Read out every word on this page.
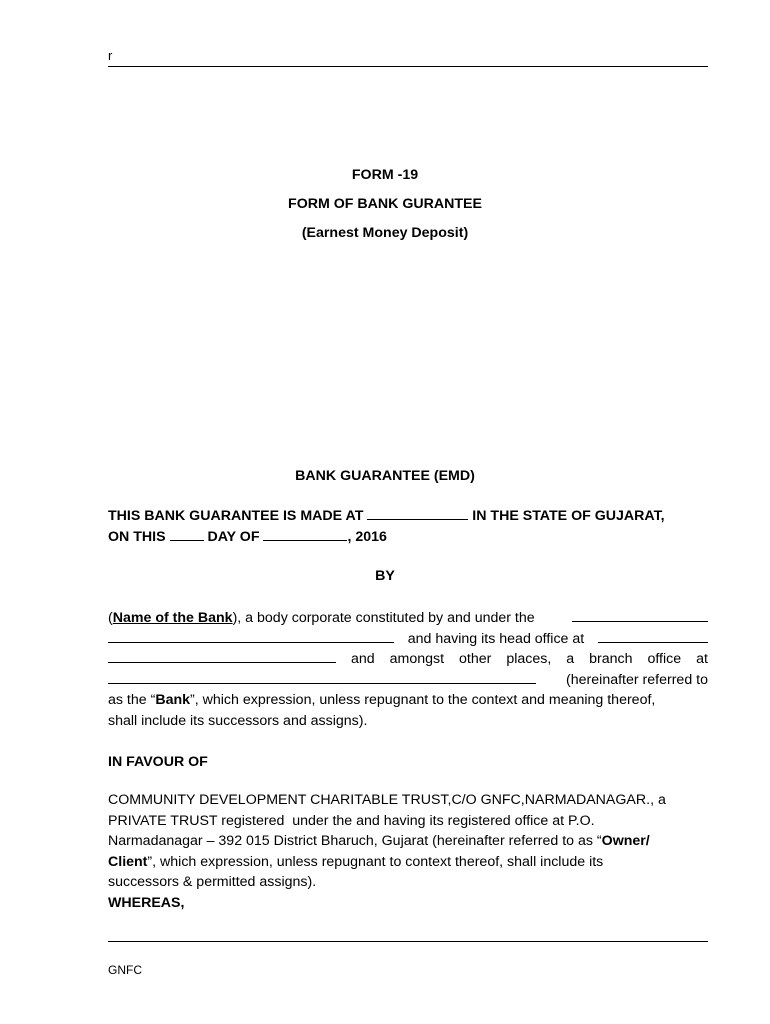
r
FORM -19
FORM OF BANK GURANTEE
(Earnest Money Deposit)
BANK GUARANTEE (EMD)
THIS BANK GUARANTEE IS MADE AT	IN THE STATE OF GUJARAT,
ON THIS	DAY OF	, 2016
BY
(Name of the Bank), a body corporate constituted by and under the
and having its head office at
and amongst other places, a branch office at
(hereinafter referred to
as the “Bank”, which expression, unless repugnant to the context and meaning thereof,
shall include its successors and assigns).
IN FAVOUR OF
COMMUNITY DEVELOPMENT CHARITABLE TRUST,C/O GNFC,NARMADANAGAR., a
PRIVATE TRUST registered  under the and having its registered office at P.O.
Narmadanagar – 392 015 District Bharuch, Gujarat (hereinafter referred to as “Owner/
Client”, which expression, unless repugnant to context thereof, shall include its
successors & permitted assigns).
WHEREAS,
GNFC
